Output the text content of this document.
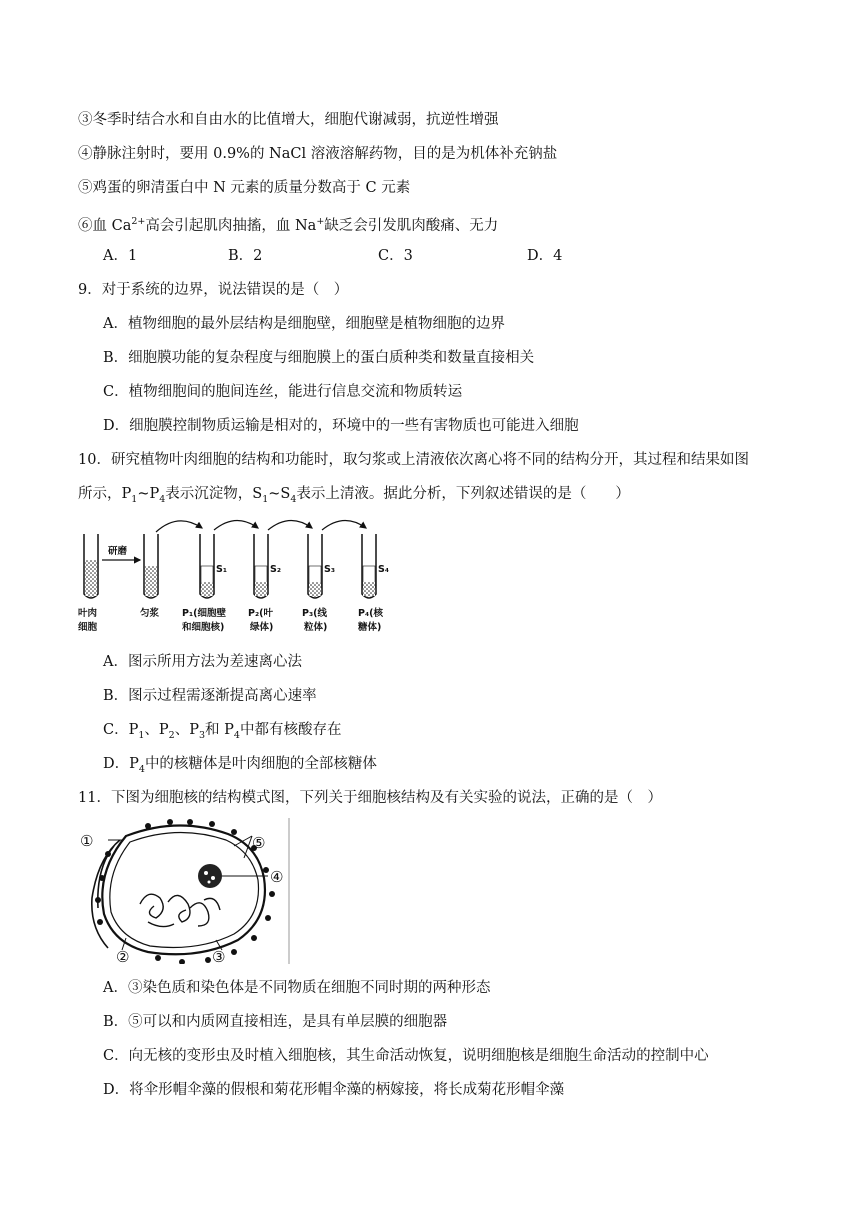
③冬季时结合水和自由水的比值增大，细胞代谢减弱，抗逆性增强
④静脉注射时，要用 0.9%的 NaCl 溶液溶解药物，目的是为机体补充钠盐
⑤鸡蛋的卵清蛋白中 N 元素的质量分数高于 C 元素
⑥血 $Ca^{2+}$高会引起肌肉抽搐，血 Na+缺乏会引发肌肉酸痛、无力
A．1	B．2	C．3	D．4
9．对于系统的边界，说法错误的是（　）
A．植物细胞的最外层结构是细胞壁，细胞壁是植物细胞的边界
B．细胞膜功能的复杂程度与细胞膜上的蛋白质种类和数量直接相关
C．植物细胞间的胞间连丝，能进行信息交流和物质转运
D．细胞膜控制物质运输是相对的，环境中的一些有害物质也可能进入细胞
10．研究植物叶肉细胞的结构和功能时，取匀浆或上清液依次离心将不同的结构分开，其过程和结果如图
所示，$P_1\sim P_4$表示沉淀物，$S_1\sim S_4$表示上清液。据此分析，下列叙述错误的是（　　）
研磨
S₁	S₂	S₃	S₄
叶肉
细胞
匀浆 P₁(细胞壁
和细胞核)
P₂(叶
绿体)
P₃(线
粒体)
P₄(核
糖体)
A．图示所用方法为差速离心法
B．图示过程需逐渐提高离心速率
C．$P_1$、$P_2$、$P_3$和 $P_4$中都有核酸存在
D．$P_4$中的核糖体是叶肉细胞的全部核糖体
11．下图为细胞核的结构模式图，下列关于细胞核结构及有关实验的说法，正确的是（　）
①
②	③
④
⑤
A．③染色质和染色体是不同物质在细胞不同时期的两种形态
B．⑤可以和内质网直接相连，是具有单层膜的细胞器
C．向无核的变形虫及时植入细胞核，其生命活动恢复，说明细胞核是细胞生命活动的控制中心
D．将伞形帽伞藻的假根和菊花形帽伞藻的柄嫁接，将长成菊花形帽伞藻
